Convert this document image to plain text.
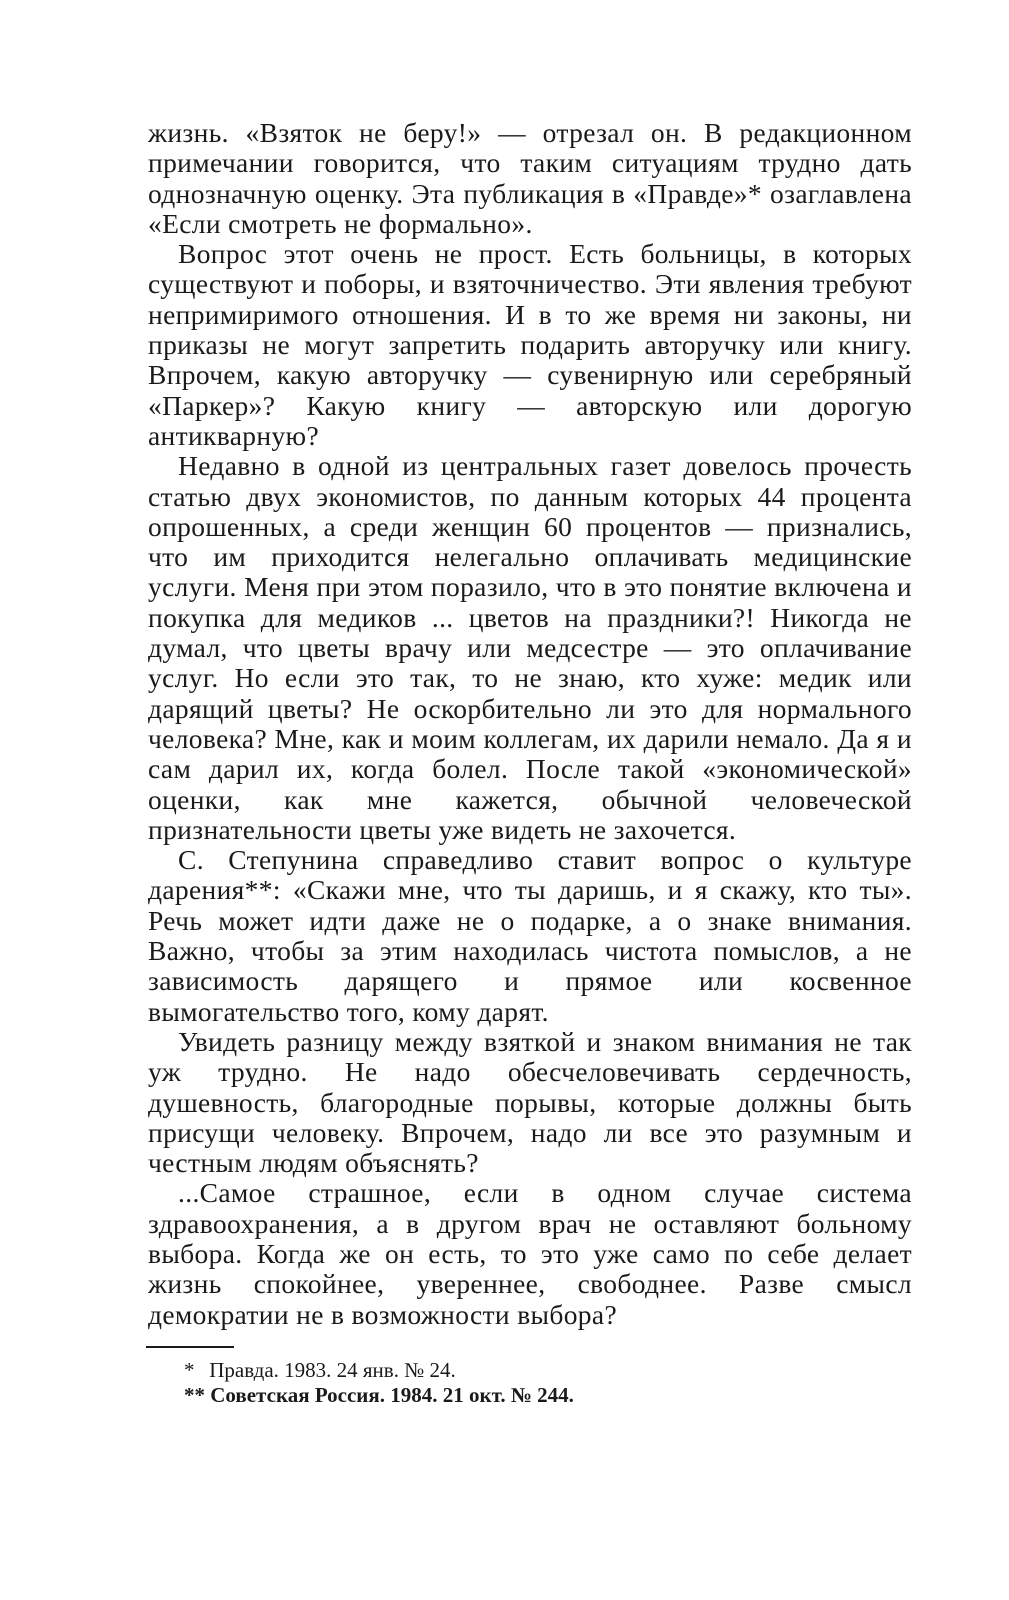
жизнь. «Взяток не беру!» — отрезал он. В редакционном примечании говорится, что таким ситуациям трудно дать однозначную оценку. Эта публикация в «Правде»* озаглавлена «Если смотреть не формально».

Вопрос этот очень не прост. Есть больницы, в которых существуют и поборы, и взяточничество. Эти явления требуют непримиримого отношения. И в то же время ни законы, ни приказы не могут запретить подарить авторучку или книгу. Впрочем, какую авторучку — сувенирную или серебряный «Паркер»? Какую книгу — авторскую или дорогую антикварную?

Недавно в одной из центральных газет довелось прочесть статью двух экономистов, по данным которых 44 процента опрошенных, а среди женщин 60 процентов — признались, что им приходится нелегально оплачивать медицинские услуги. Меня при этом поразило, что в это понятие включена и покупка для медиков ... цветов на праздники?! Никогда не думал, что цветы врачу или медсестре — это оплачивание услуг. Но если это так, то не знаю, кто хуже: медик или дарящий цветы? Не оскорбительно ли это для нормального человека? Мне, как и моим коллегам, их дарили немало. Да я и сам дарил их, когда болел. После такой «экономической» оценки, как мне кажется, обычной человеческой признательности цветы уже видеть не захочется.

С. Степунина справедливо ставит вопрос о культуре дарения**: «Скажи мне, что ты даришь, и я скажу, кто ты». Речь может идти даже не о подарке, а о знаке внимания. Важно, чтобы за этим находилась чистота помыслов, а не зависимость дарящего и прямое или косвенное вымогательство того, кому дарят.

Увидеть разницу между взяткой и знаком внимания не так уж трудно. Не надо обесчеловечивать сердечность, душевность, благородные порывы, которые должны быть присущи человеку. Впрочем, надо ли все это разумным и честным людям объяснять?

...Самое страшное, если в одном случае система здравоохранения, а в другом врач не оставляют больному выбора. Когда же он есть, то это уже само по себе делает жизнь спокойнее, увереннее, свободнее. Разве смысл демократии не в возможности выбора?

* Правда. 1983. 24 янв. № 24.

** Советская Россия. 1984. 21 окт. № 244.
